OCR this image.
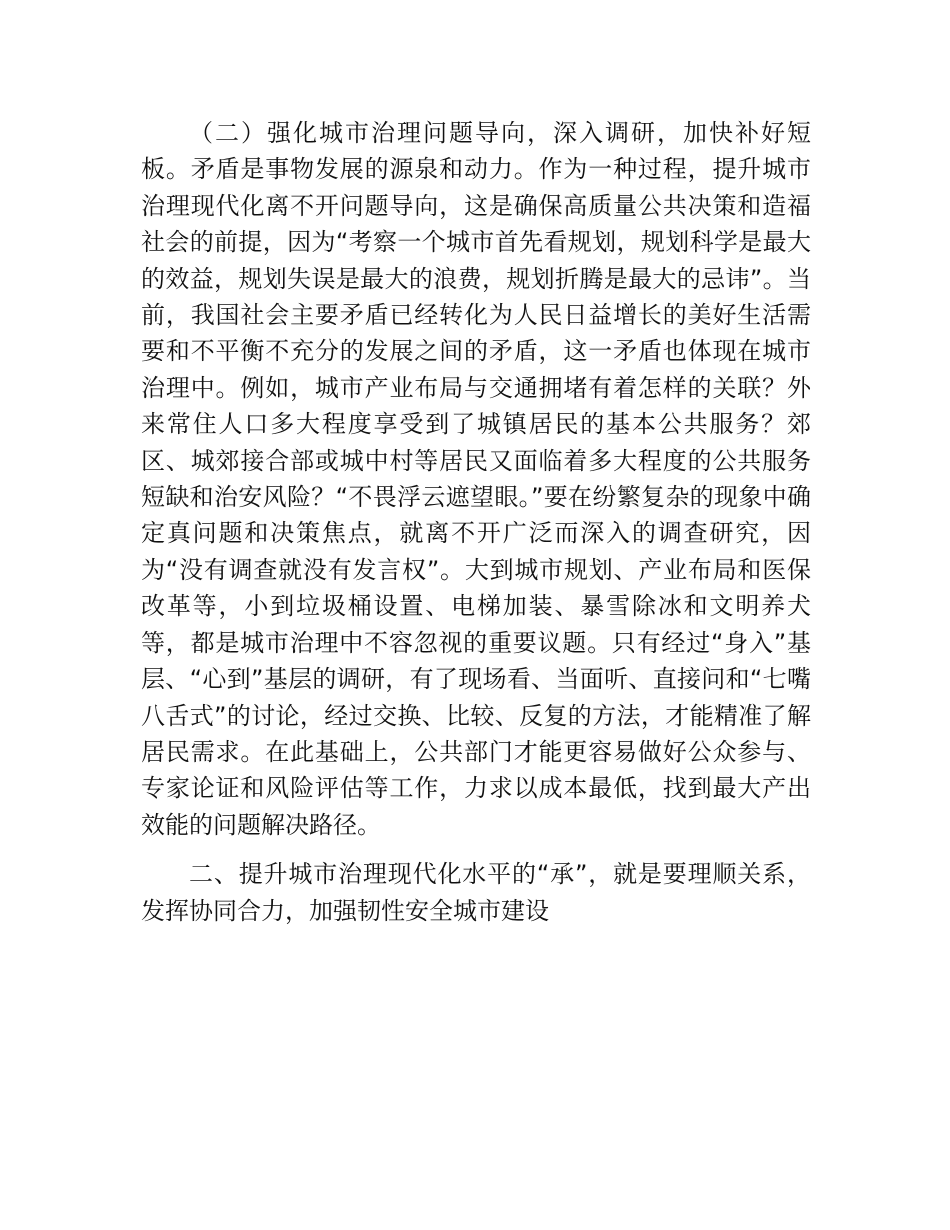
（二）强化城市治理问题导向，深入调研，加快补好短板。矛盾是事物发展的源泉和动力。作为一种过程，提升城市治理现代化离不开问题导向，这是确保高质量公共决策和造福社会的前提，因为“考察一个城市首先看规划，规划科学是最大的效益，规划失误是最大的浪费，规划折腾是最大的忌讳”。当前，我国社会主要矛盾已经转化为人民日益增长的美好生活需要和不平衡不充分的发展之间的矛盾，这一矛盾也体现在城市治理中。例如，城市产业布局与交通拥堵有着怎样的关联？外来常住人口多大程度享受到了城镇居民的基本公共服务？郊区、城郊接合部或城中村等居民又面临着多大程度的公共服务短缺和治安风险？“不畏浮云遮望眼。”要在纷繁复杂的现象中确定真问题和决策焦点，就离不开广泛而深入的调查研究，因为“没有调查就没有发言权”。大到城市规划、产业布局和医保改革等，小到垃圾桶设置、电梯加装、暴雪除冰和文明养犬等，都是城市治理中不容忽视的重要议题。只有经过“身入”基层、“心到”基层的调研，有了现场看、当面听、直接问和“七嘴八舌式”的讨论，经过交换、比较、反复的方法，才能精准了解居民需求。在此基础上，公共部门才能更容易做好公众参与、专家论证和风险评估等工作，力求以成本最低，找到最大产出效能的问题解决路径。

二、提升城市治理现代化水平的“承”，就是要理顺关系，发挥协同合力，加强韧性安全城市建设
